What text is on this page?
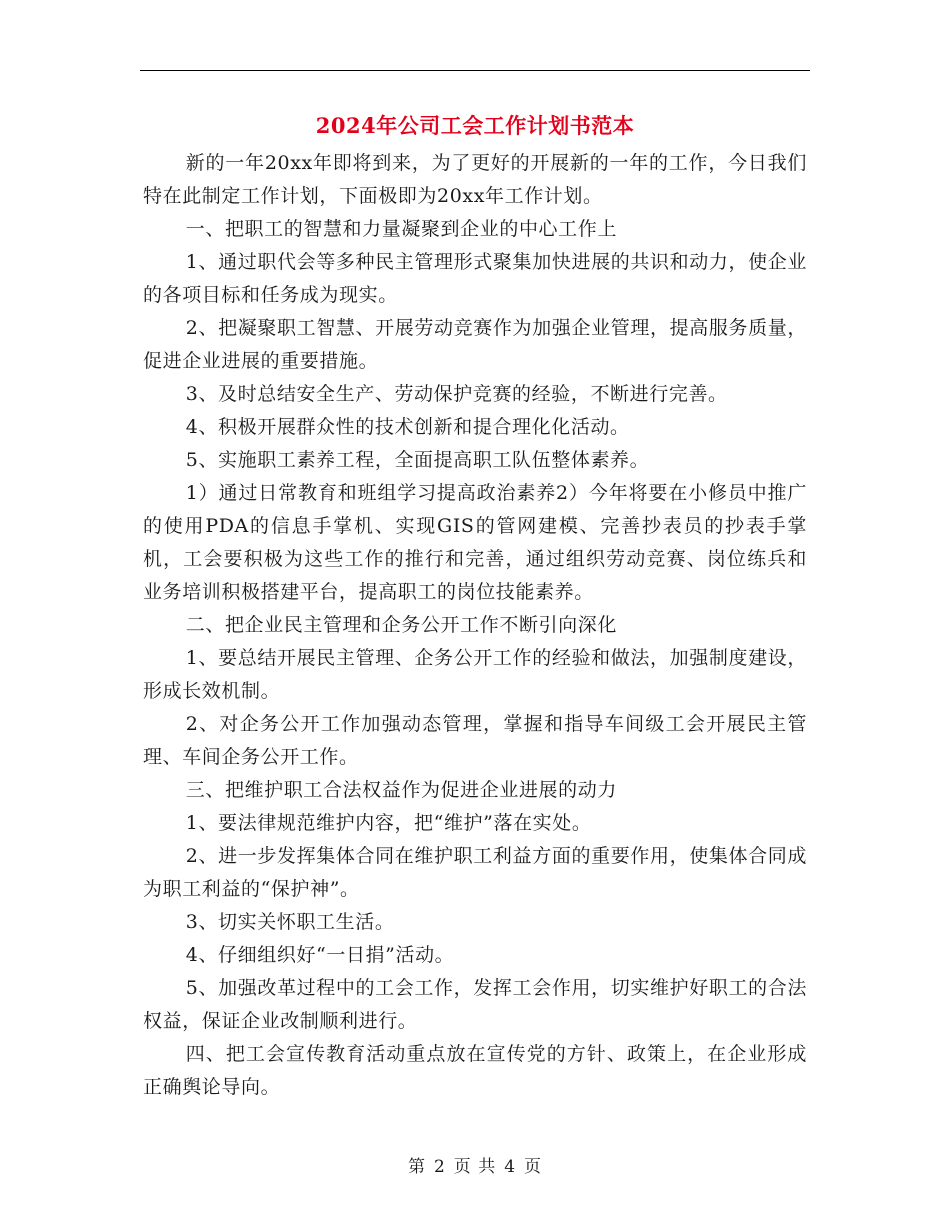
2024年公司工会工作计划书范本

新的一年20xx年即将到来，为了更好的开展新的一年的工作，今日我们特在此制定工作计划，下面极即为20xx年工作计划。

一、把职工的智慧和力量凝聚到企业的中心工作上

1、通过职代会等多种民主管理形式聚集加快进展的共识和动力，使企业的各项目标和任务成为现实。

2、把凝聚职工智慧、开展劳动竞赛作为加强企业管理，提高服务质量，促进企业进展的重要措施。

3、及时总结安全生产、劳动保护竞赛的经验，不断进行完善。

4、积极开展群众性的技术创新和提合理化化活动。

5、实施职工素养工程，全面提高职工队伍整体素养。

1）通过日常教育和班组学习提高政治素养2）今年将要在小修员中推广的使用PDA的信息手掌机、实现GIS的管网建模、完善抄表员的抄表手掌机，工会要积极为这些工作的推行和完善，通过组织劳动竞赛、岗位练兵和业务培训积极搭建平台，提高职工的岗位技能素养。

二、把企业民主管理和企务公开工作不断引向深化

1、要总结开展民主管理、企务公开工作的经验和做法，加强制度建设，形成长效机制。

2、对企务公开工作加强动态管理，掌握和指导车间级工会开展民主管理、车间企务公开工作。

三、把维护职工合法权益作为促进企业进展的动力

1、要法律规范维护内容，把“维护”落在实处。

2、进一步发挥集体合同在维护职工利益方面的重要作用，使集体合同成为职工利益的“保护神”。

3、切实关怀职工生活。

4、仔细组织好“一日捐”活动。

5、加强改革过程中的工会工作，发挥工会作用，切实维护好职工的合法权益，保证企业改制顺利进行。

四、把工会宣传教育活动重点放在宣传党的方针、政策上，在企业形成正确舆论导向。

第 2 页 共 4 页
